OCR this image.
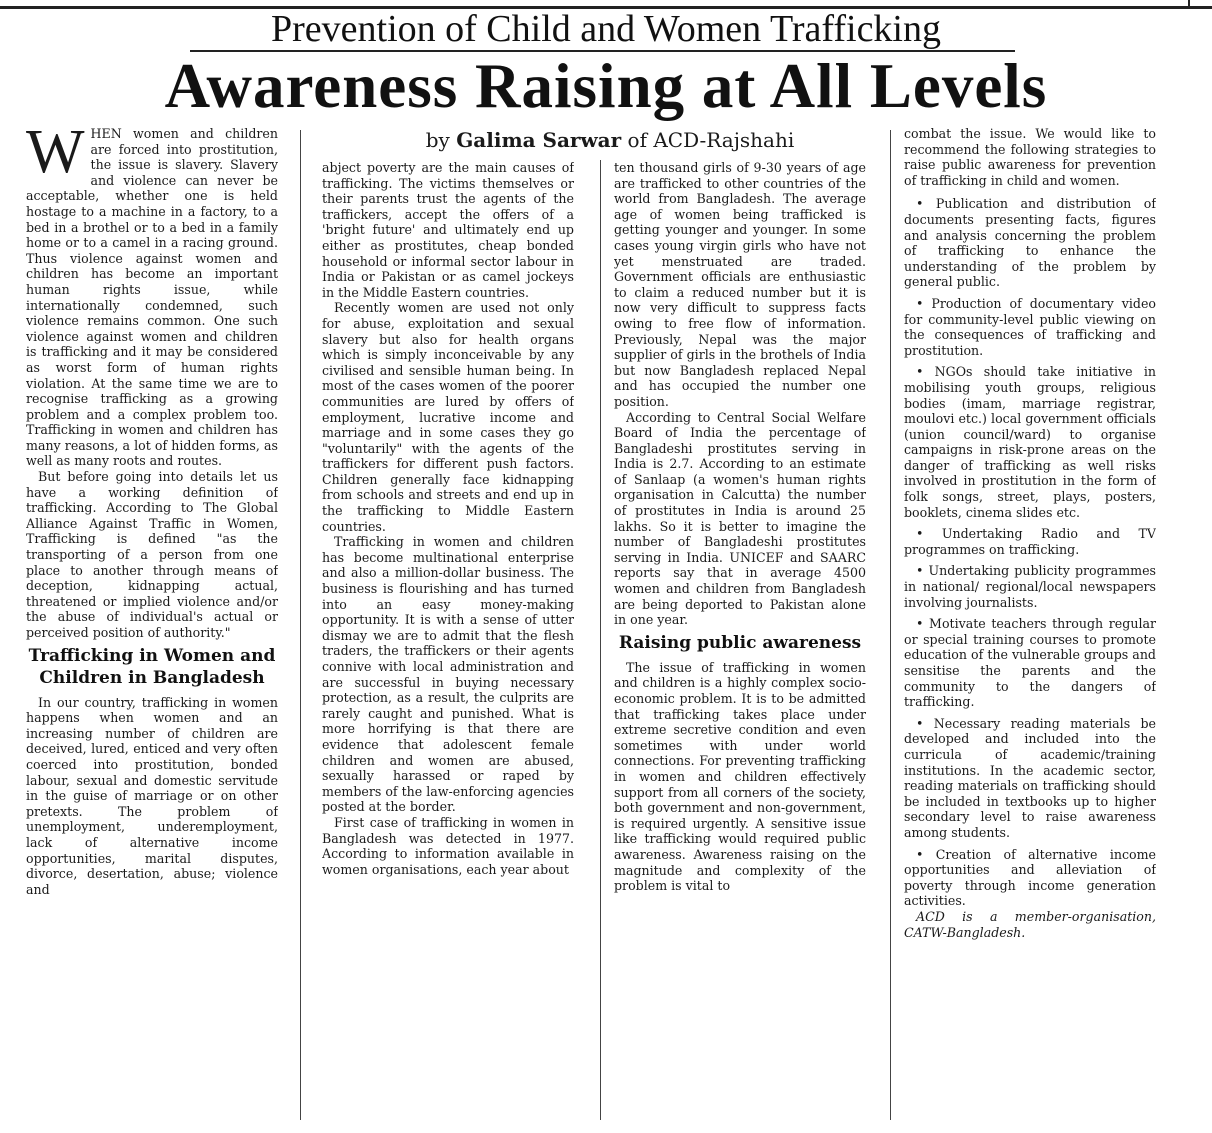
Prevention of Child and Women Trafficking
Awareness Raising at All Levels
by Galima Sarwar of ACD-Rajshahi

WHEN women and children are forced into prostitution, the issue is slavery. Slavery and violence can never be acceptable, whether one is held hostage to a machine in a factory, to a bed in a brothel or to a bed in a family home or to a camel in a racing ground. Thus violence against women and children has become an important human rights issue, while internationally condemned, such violence remains common. One such violence against women and children is trafficking and it may be considered as worst form of human rights violation. At the same time we are to recognise trafficking as a growing problem and a complex problem too. Trafficking in women and children has many reasons, a lot of hidden forms, as well as many roots and routes.

But before going into details let us have a working definition of trafficking. According to The Global Alliance Against Traffic in Women, Trafficking is defined "as the transporting of a person from one place to another through means of deception, kidnapping actual, threatened or implied violence and/or the abuse of individual's actual or perceived position of authority."

Trafficking in Women and Children in Bangladesh

In our country, trafficking in women happens when women and an increasing number of children are deceived, lured, enticed and very often coerced into prostitution, bonded labour, sexual and domestic servitude in the guise of marriage or on other pretexts. The problem of unemployment, underemployment, lack of alternative income opportunities, marital disputes, divorce, desertation, abuse; violence and

abject poverty are the main causes of trafficking. The victims themselves or their parents trust the agents of the traffickers, accept the offers of a 'bright future' and ultimately end up either as prostitutes, cheap bonded household or informal sector labour in India or Pakistan or as camel jockeys in the Middle Eastern countries.

Recently women are used not only for abuse, exploitation and sexual slavery but also for health organs which is simply inconceivable by any civilised and sensible human being. In most of the cases women of the poorer communities are lured by offers of employment, lucrative income and marriage and in some cases they go "voluntarily" with the agents of the traffickers for different push factors. Children generally face kidnapping from schools and streets and end up in the trafficking to Middle Eastern countries.

Trafficking in women and children has become multinational enterprise and also a million-dollar business. The business is flourishing and has turned into an easy money-making opportunity. It is with a sense of utter dismay we are to admit that the flesh traders, the traffickers or their agents connive with local administration and are successful in buying necessary protection, as a result, the culprits are rarely caught and punished. What is more horrifying is that there are evidence that adolescent female children and women are abused, sexually harassed or raped by members of the law-enforcing agencies posted at the border.

First case of trafficking in women in Bangladesh was detected in 1977. According to information available in women organisations, each year about

ten thousand girls of 9-30 years of age are trafficked to other countries of the world from Bangladesh. The average age of women being trafficked is getting younger and younger. In some cases young virgin girls who have not yet menstruated are traded. Government officials are enthusiastic to claim a reduced number but it is now very difficult to suppress facts owing to free flow of information. Previously, Nepal was the major supplier of girls in the brothels of India but now Bangladesh replaced Nepal and has occupied the number one position.

According to Central Social Welfare Board of India the percentage of Bangladeshi prostitutes serving in India is 2.7. According to an estimate of Sanlaap (a women's human rights organisation in Calcutta) the number of prostitutes in India is around 25 lakhs. So it is better to imagine the number of Bangladeshi prostitutes serving in India. UNICEF and SAARC reports say that in average 4500 women and children from Bangladesh are being deported to Pakistan alone in one year.

Raising public awareness

The issue of trafficking in women and children is a highly complex socio-economic problem. It is to be admitted that trafficking takes place under extreme secretive condition and even sometimes with under world connections. For preventing trafficking in women and children effectively support from all corners of the society, both government and non-government, is required urgently. A sensitive issue like trafficking would required public awareness. Awareness raising on the magnitude and complexity of the problem is vital to

combat the issue. We would like to recommend the following strategies to raise public awareness for prevention of trafficking in child and women.

• Publication and distribution of documents presenting facts, figures and analysis concerning the problem of trafficking to enhance the understanding of the problem by general public.

• Production of documentary video for community-level public viewing on the consequences of trafficking and prostitution.

• NGOs should take initiative in mobilising youth groups, religious bodies (imam, marriage registrar, moulovi etc.) local government officials (union council/ward) to organise campaigns in risk-prone areas on the danger of trafficking as well risks involved in prostitution in the form of folk songs, street, plays, posters, booklets, cinema slides etc.

• Undertaking Radio and TV programmes on trafficking.

• Undertaking publicity programmes in national/ regional/local newspapers involving journalists.

• Motivate teachers through regular or special training courses to promote education of the vulnerable groups and sensitise the parents and the community to the dangers of trafficking.

• Necessary reading materials be developed and included into the curricula of academic/training institutions. In the academic sector, reading materials on trafficking should be included in textbooks up to higher secondary level to raise awareness among students.

• Creation of alternative income opportunities and alleviation of poverty through income generation activities.

ACD is a member-organisation, CATW-Bangladesh.
